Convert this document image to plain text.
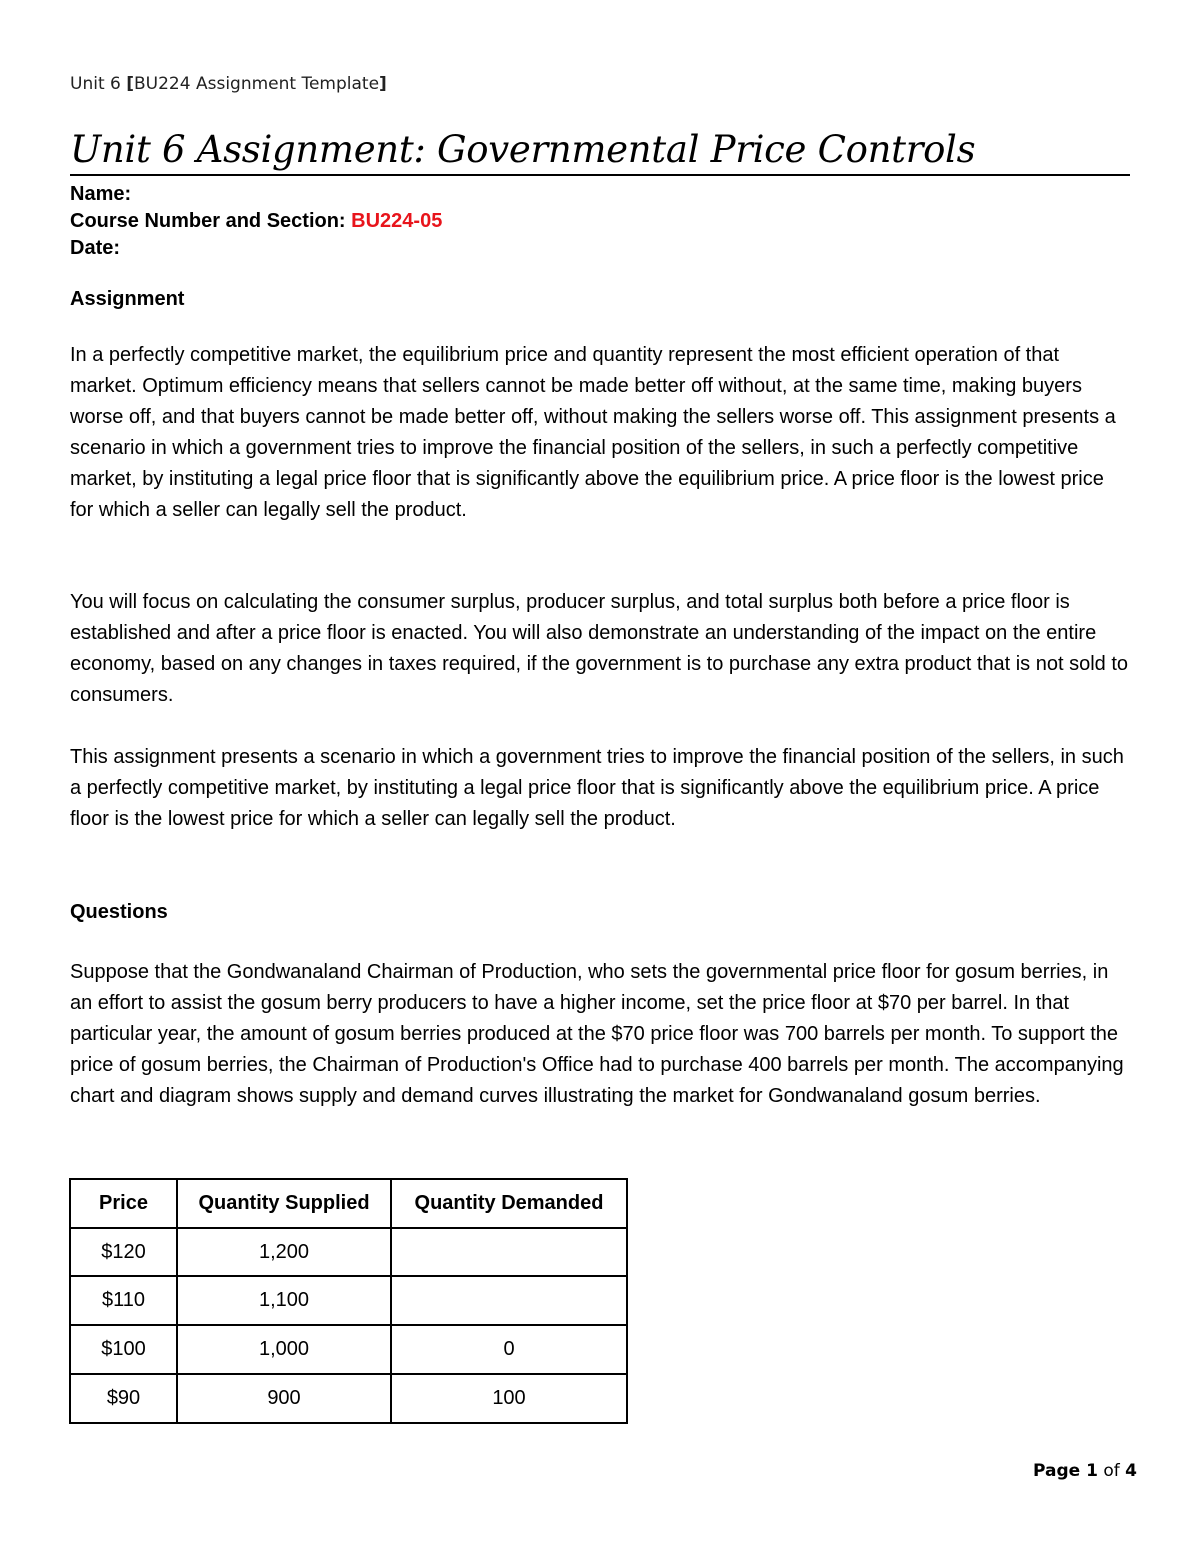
Unit 6 [BU224 Assignment Template]
Unit 6 Assignment: Governmental Price Controls
Name:
Course Number and Section: BU224-05
Date:
Assignment

In a perfectly competitive market, the equilibrium price and quantity represent the most efficient operation of that market. Optimum efficiency means that sellers cannot be made better off without, at the same time, making buyers worse off, and that buyers cannot be made better off, without making the sellers worse off. This assignment presents a scenario in which a government tries to improve the financial position of the sellers, in such a perfectly competitive market, by instituting a legal price floor that is significantly above the equilibrium price. A price floor is the lowest price for which a seller can legally sell the product.

You will focus on calculating the consumer surplus, producer surplus, and total surplus both before a price floor is established and after a price floor is enacted. You will also demonstrate an understanding of the impact on the entire economy, based on any changes in taxes required, if the government is to purchase any extra product that is not sold to consumers.

This assignment presents a scenario in which a government tries to improve the financial position of the sellers, in such a perfectly competitive market, by instituting a legal price floor that is significantly above the equilibrium price. A price floor is the lowest price for which a seller can legally sell the product.

Questions

Suppose that the Gondwanaland Chairman of Production, who sets the governmental price floor for gosum berries, in an effort to assist the gosum berry producers to have a higher income, set the price floor at $70 per barrel. In that particular year, the amount of gosum berries produced at the $70 price floor was 700 barrels per month. To support the price of gosum berries, the Chairman of Production's Office had to purchase 400 barrels per month. The accompanying chart and diagram shows supply and demand curves illustrating the market for Gondwanaland gosum berries.

Price	Quantity Supplied	Quantity Demanded
$120	1,200	
$110	1,100	
$100	1,000	0
$90	900	100
Page 1 of 4
